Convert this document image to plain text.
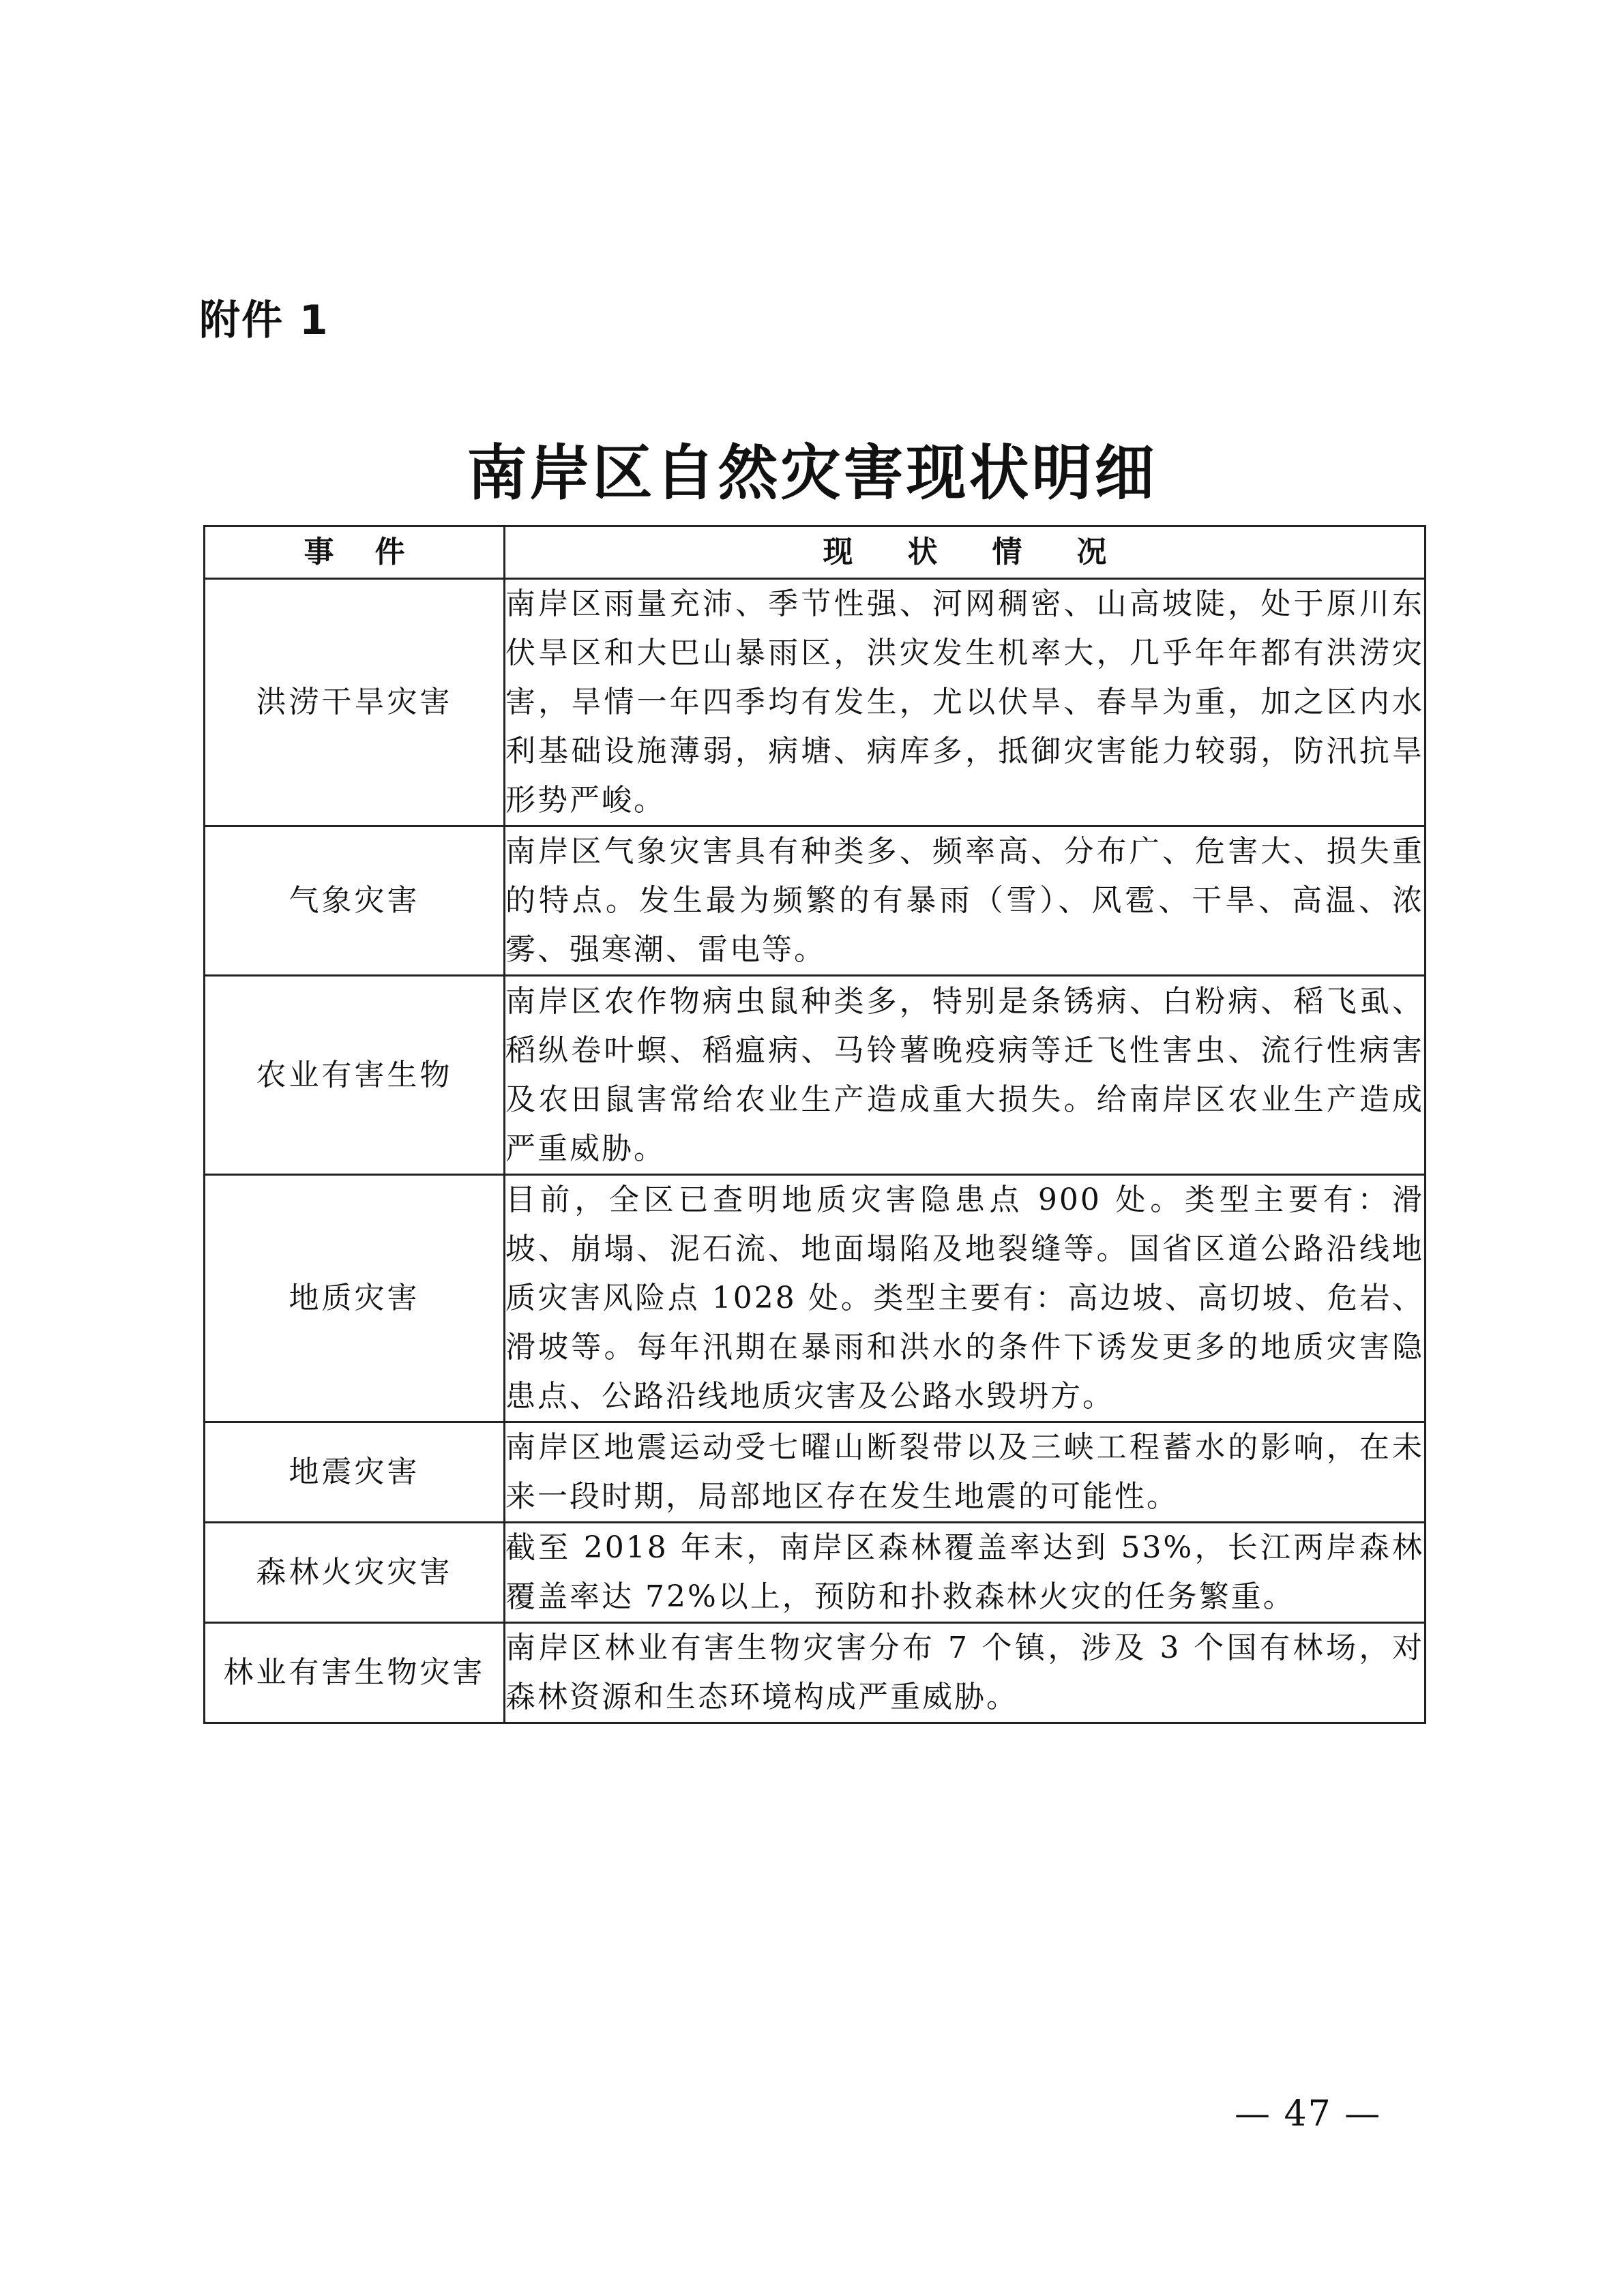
附件 1
南岸区自然灾害现状明细
事件	现状情况
洪涝干旱灾害	南岸区雨量充沛、季节性强、河网稠密、山高坡陡，处于原川东伏旱区和大巴山暴雨区，洪灾发生机率大，几乎年年都有洪涝灾害，旱情一年四季均有发生，尤以伏旱、春旱为重，加之区内水利基础设施薄弱，病塘、病库多，抵御灾害能力较弱，防汛抗旱形势严峻。
气象灾害	南岸区气象灾害具有种类多、频率高、分布广、危害大、损失重的特点。发生最为频繁的有暴雨（雪）、风雹、干旱、高温、浓雾、强寒潮、雷电等。
农业有害生物	南岸区农作物病虫鼠种类多，特别是条锈病、白粉病、稻飞虱、稻纵卷叶螟、稻瘟病、马铃薯晚疫病等迁飞性害虫、流行性病害及农田鼠害常给农业生产造成重大损失。给南岸区农业生产造成严重威胁。
地质灾害	目前，全区已查明地质灾害隐患点 900 处。类型主要有：滑坡、崩塌、泥石流、地面塌陷及地裂缝等。国省区道公路沿线地质灾害风险点 1028 处。类型主要有：高边坡、高切坡、危岩、滑坡等。每年汛期在暴雨和洪水的条件下诱发更多的地质灾害隐患点、公路沿线地质灾害及公路水毁坍方。
地震灾害	南岸区地震运动受七曜山断裂带以及三峡工程蓄水的影响，在未来一段时期，局部地区存在发生地震的可能性。
森林火灾灾害	截至 2018 年末，南岸区森林覆盖率达到 53%，长江两岸森林覆盖率达 72%以上，预防和扑救森林火灾的任务繁重。
林业有害生物灾害	南岸区林业有害生物灾害分布 7 个镇，涉及 3 个国有林场，对森林资源和生态环境构成严重威胁。
— 47 —
